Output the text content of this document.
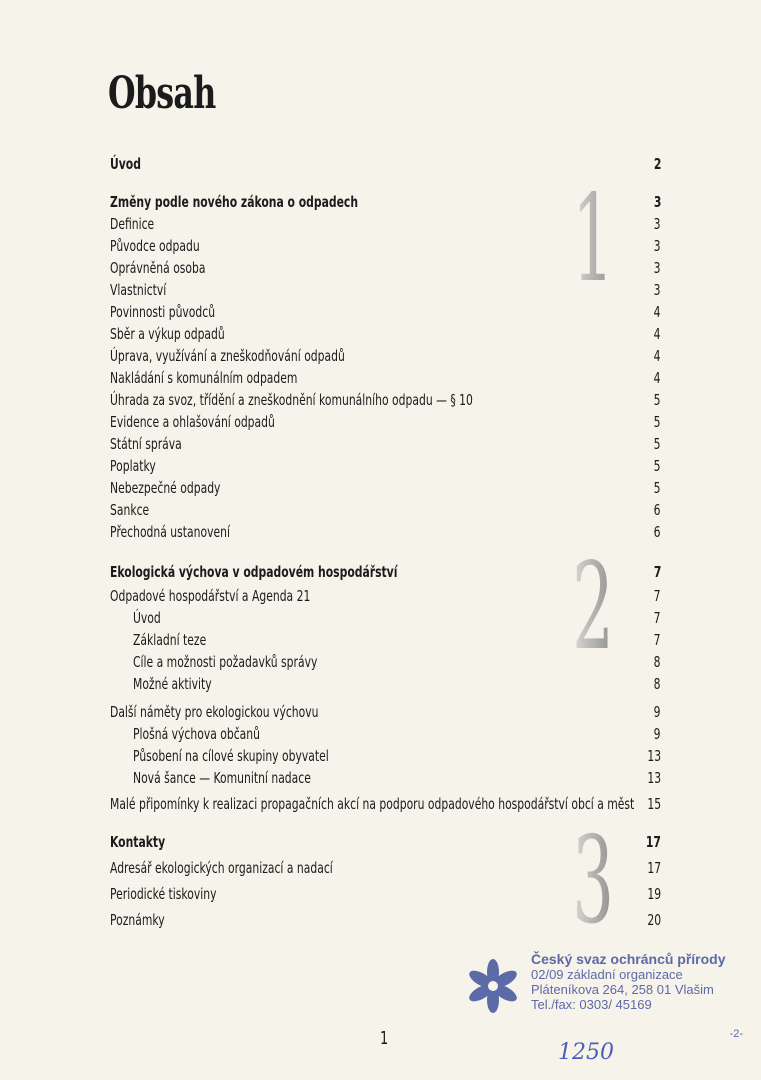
Obsah
1
2
3
Úvod	2
Změny podle nového zákona o odpadech	3
Definice	3
Původce odpadu	3
Oprávněná osoba	3
Vlastnictví	3
Povinnosti původců	4
Sběr a výkup odpadů	4
Úprava, využívání a zneškodňování odpadů	4
Nakládání s komunálním odpadem	4
Úhrada za svoz, třídění a zneškodnění komunálního odpadu — § 10	5
Evidence a ohlašování odpadů	5
Státní správa	5
Poplatky	5
Nebezpečné odpady	5
Sankce	6
Přechodná ustanovení	6
Ekologická výchova v odpadovém hospodářství	7
Odpadové hospodářství a Agenda 21	7
Úvod	7
Základní teze	7
Cíle a možnosti požadavků správy	8
Možné aktivity	8
Další náměty pro ekologickou výchovu	9
Plošná výchova občanů	9
Působení na cílové skupiny obyvatel	13
Nová šance — Komunitní nadace	13
Malé připomínky k realizaci propagačních akcí na podporu odpadového hospodářství obcí a měst 15
Kontakty	17
Adresář ekologických organizací a nadací	17
Periodické tiskoviny	19
Poznámky	20
1
Český svaz ochránců přírody
02/09 základní organizace
Pláteníkova 264, 258 01 Vlašim
Tel./fax: 0303/ 45169
-2-
1250
